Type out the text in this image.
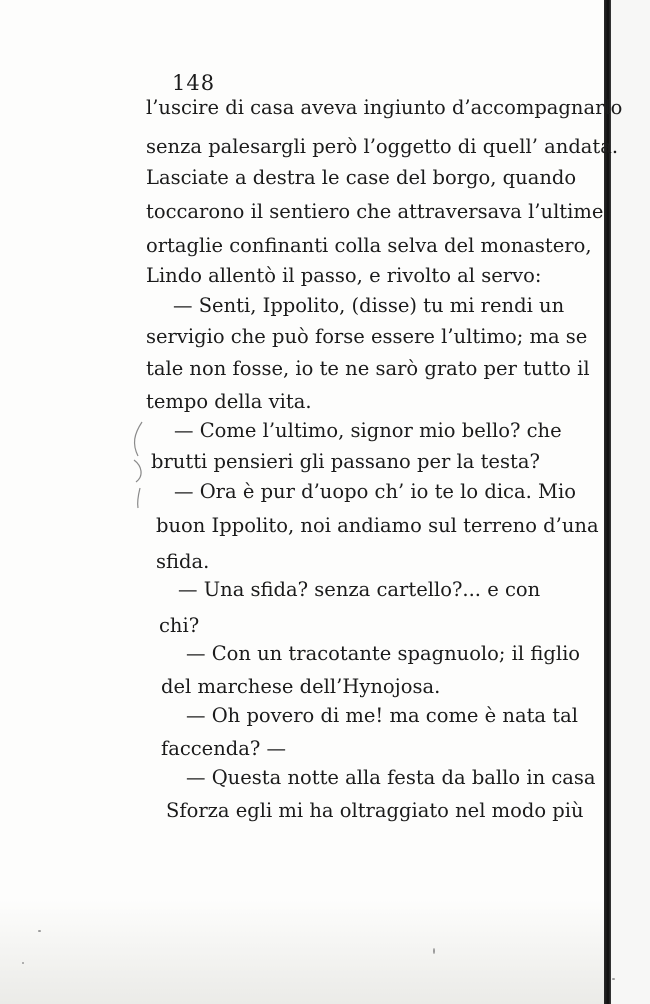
148
l’uscire di casa aveva ingiunto d’accompagnarlo
senza palesargli però l’oggetto di quell’ andata.
Lasciate a destra le case del borgo, quando
toccarono il sentiero che attraversava l’ultime
ortaglie confinanti colla selva del monastero,
Lindo allentò il passo, e rivolto al servo:
— Senti, Ippolito, (disse) tu mi rendi un
servigio che può forse essere l’ultimo; ma se
tale non fosse, io te ne sarò grato per tutto il
tempo della vita.
— Come l’ultimo, signor mio bello? che
brutti pensieri gli passano per la testa?
— Ora è pur d’uopo ch’ io te lo dica. Mio
buon Ippolito, noi andiamo sul terreno d’una
sfida.
— Una sfida? senza cartello?... e con
chi?
— Con un tracotante spagnuolo; il figlio
del marchese dell’Hynojosa.
— Oh povero di me! ma come è nata tal
faccenda? —
— Questa notte alla festa da ballo in casa
Sforza egli mi ha oltraggiato nel modo più
